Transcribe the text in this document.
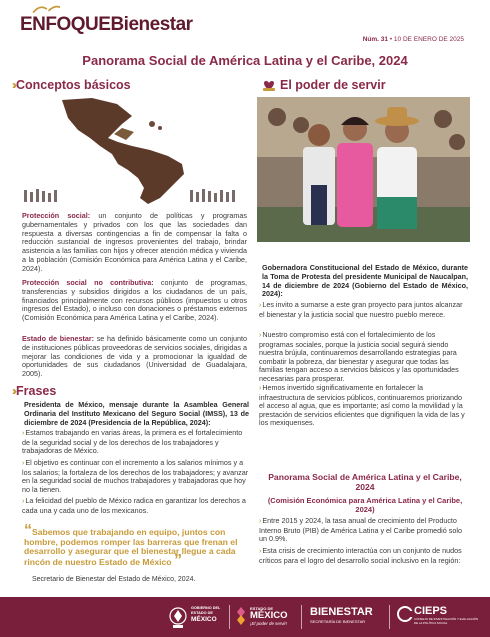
ENFOQUEBienestar
Núm. 31 • 10 DE ENERO DE 2025
Panorama Social de América Latina y el Caribe, 2024
›› Conceptos básicos
Protección social: un conjunto de políticas y programas gubernamentales y privados con los que las sociedades dan respuesta a diversas contingencias a fin de compensar la falta o reducción sustancial de ingresos provenientes del trabajo, brindar asistencia a las familias con hijos y ofrecer atención médica y vivienda a la población (Comisión Económica para América Latina y el Caribe, 2024).
Protección social no contributiva: conjunto de programas, transferencias y subsidios dirigidos a los ciudadanos de un país, financiados principalmente con recursos públicos (impuestos u otros ingresos del Estado), o incluso con donaciones o préstamos externos (Comisión Económica para América Latina y el Caribe, 2024).
Estado de bienestar: se ha definido básicamente como un conjunto de instituciones públicas proveedoras de servicios sociales, dirigidas a mejorar las condiciones de vida y a promocionar la igualdad de oportunidades de sus ciudadanos (Universidad de Guadalajara, 2005).
›› Frases
Presidenta de México, mensaje durante la Asamblea General Ordinaria del Instituto Mexicano del Seguro Social (IMSS), 13 de diciembre de 2024 (Presidencia de la República, 2024):
›Estamos trabajando en varias áreas, la primera es el fortalecimiento de la seguridad social y de los derechos de los trabajadores y trabajadoras de México.
›El objetivo es continuar con el incremento a los salarios mínimos y a los salarios; la fortaleza de los derechos de los trabajadores; y avanzar en la seguridad social de muchos trabajadores y trabajadoras que hoy no la tienen.
›La felicidad del pueblo de México radica en garantizar los derechos a cada una y cada uno de los mexicanos.
“Sabemos que trabajando en equipo, juntos con hombre, podemos romper las barreras que frenan el desarrollo y asegurar que el bienestar llegue a cada rincón de nuestro Estado de México ”
Secretario de Bienestar del Estado de México, 2024.
El poder de servir
Gobernadora Constitucional del Estado de México, durante la Toma de Protesta del presidente Municipal de Naucalpan, 14 de diciembre de 2024 (Gobierno del Estado de México, 2024):
›Les invito a sumarse a este gran proyecto para juntos alcanzar el bienestar y la justicia social que nuestro pueblo merece.
›Nuestro compromiso está con el fortalecimiento de los programas sociales, porque la justicia social seguirá siendo nuestra brújula, continuaremos desarrollando estrategias para combatir la pobreza, dar bienestar y asegurar que todas las familias tengan acceso a servicios básicos y las oportunidades necesarias para prosperar.
›Hemos invertido significativamente en fortalecer la infraestructura de servicios públicos, continuaremos priorizando el acceso al agua, que es importante; así como la movilidad y la prestación de servicios eficientes que dignifiquen la vida de las y los mexiquenses.
Panorama Social de América Latina y el Caribe, 2024
(Comisión Económica para América Latina y el Caribe, 2024)
›Entre 2015 y 2024, la tasa anual de crecimiento del Producto Interno Bruto (PIB) de América Latina y el Caribe promedió solo un 0.9%.
›Esta crisis de crecimiento interactúa con un conjunto de nudos críticos para el logro del desarrollo social inclusivo en la región:
GOBIERNO DEL
ESTADO DE
MÉXICO
ESTADO DE
MÉXICO
¡El poder de servir!
BIENESTAR
SECRETARÍA DE BIENESTAR
CIEPS
CONSEJO DE INVESTIGACIÓN Y EVALUACIÓN DE LA POLÍTICA SOCIAL
